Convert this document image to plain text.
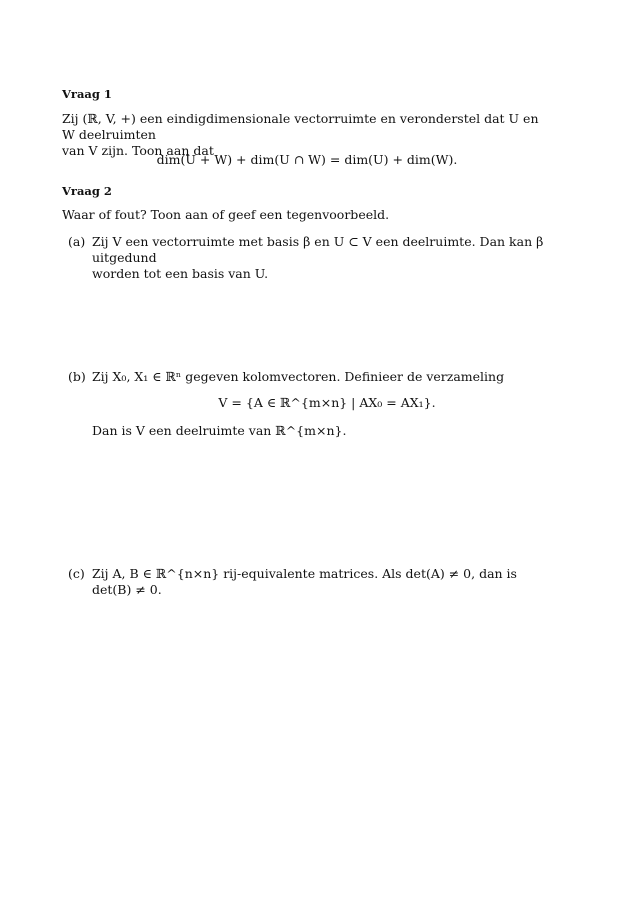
Vraag 1

Zij (ℝ, V, +) een eindigdimensionale vectorruimte en veronderstel dat U en W deelruimten

van V zijn. Toon aan dat

dim(U + W) + dim(U ∩ W) = dim(U) + dim(W).

Vraag 2

Waar of fout? Toon aan of geef een tegenvoorbeeld.

(a) Zij V een vectorruimte met basis β en U ⊂ V een deelruimte. Dan kan β uitgedund
worden tot een basis van U.
(b) Zij X₀, X₁ ∈ ℝⁿ gegeven kolomvectoren. Definieer de verzameling

V = {A ∈ ℝ^{m×n} | AX₀ = AX₁}.

Dan is V een deelruimte van ℝ^{m×n}.
(c) Zij A, B ∈ ℝ^{n×n} rij-equivalente matrices. Als det(A) ≠ 0, dan is det(B) ≠ 0.
